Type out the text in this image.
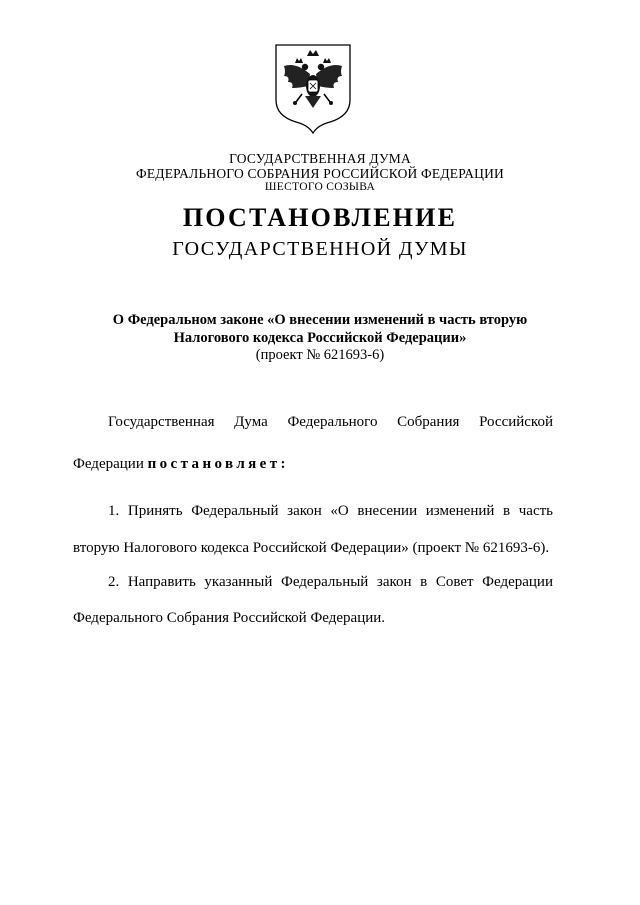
ГОСУДАРСТВЕННАЯ ДУМА
ФЕДЕРАЛЬНОГО СОБРАНИЯ РОССИЙСКОЙ ФЕДЕРАЦИИ
ШЕСТОГО СОЗЫВА
ПОСТАНОВЛЕНИЕ
ГОСУДАРСТВЕННОЙ ДУМЫ
О Федеральном законе «О внесении изменений в часть вторую
Налогового кодекса Российской Федерации»
(проект № 621693-6)
Государственная Дума Федерального Собрания Российской
Федерации постановляет:
1. Принять Федеральный закон «О внесении изменений в часть
вторую Налогового кодекса Российской Федерации» (проект № 621693-6).
2. Направить указанный Федеральный закон в Совет Федерации
Федерального Собрания Российской Федерации.
